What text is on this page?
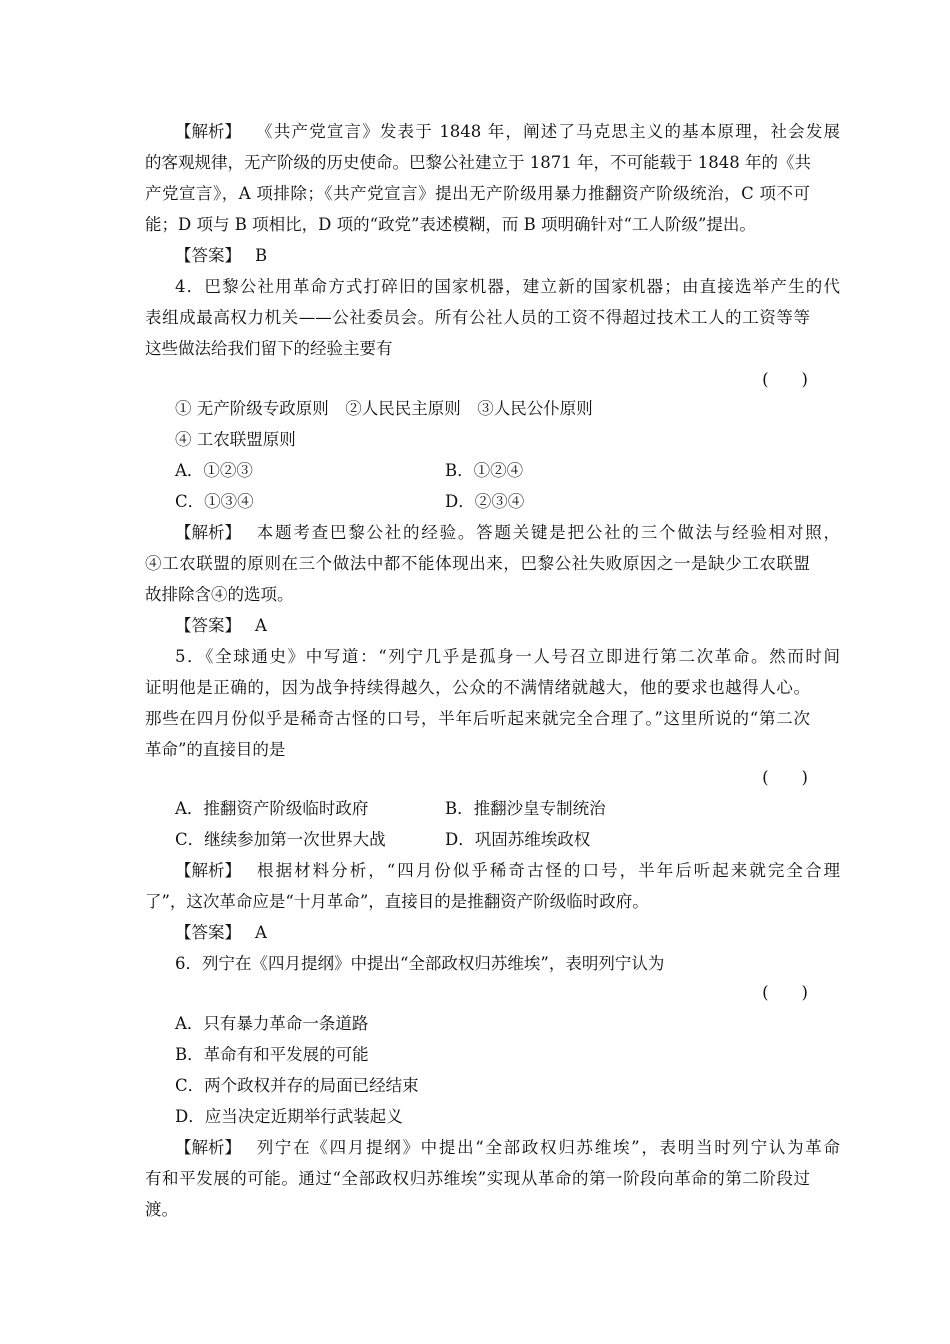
【解析】 《共产党宣言》发表于 1848 年，阐述了马克思主义的基本原理，社会发展
的客观规律，无产阶级的历史使命。巴黎公社建立于 1871 年，不可能载于 1848 年的《共
产党宣言》，A 项排除；《共产党宣言》提出无产阶级用暴力推翻资产阶级统治，C 项不可
能；D 项与 B 项相比，D 项的“政党”表述模糊，而 B 项明确针对“工人阶级”提出。
【答案】 B
4．巴黎公社用革命方式打碎旧的国家机器，建立新的国家机器；由直接选举产生的代
表组成最高权力机关——公社委员会。所有公社人员的工资不得超过技术工人的工资等等
这些做法给我们留下的经验主要有
(　　)
① 无产阶级专政原则　②人民民主原则　③人民公仆原则
④ 工农联盟原则
A．①②③	B．①②④
C．①③④	D．②③④
【解析】 本题考查巴黎公社的经验。答题关键是把公社的三个做法与经验相对照，
④工农联盟的原则在三个做法中都不能体现出来，巴黎公社失败原因之一是缺少工农联盟
故排除含④的选项。
【答案】 A
5．《全球通史》中写道：“列宁几乎是孤身一人号召立即进行第二次革命。然而时间
证明他是正确的，因为战争持续得越久，公众的不满情绪就越大，他的要求也越得人心。
那些在四月份似乎是稀奇古怪的口号，半年后听起来就完全合理了。”这里所说的“第二次
革命”的直接目的是
(　　)
A．推翻资产阶级临时政府	B．推翻沙皇专制统治
C．继续参加第一次世界大战	D．巩固苏维埃政权
【解析】 根据材料分析，“四月份似乎稀奇古怪的口号，半年后听起来就完全合理
了”，这次革命应是“十月革命”，直接目的是推翻资产阶级临时政府。
【答案】 A
6．列宁在《四月提纲》中提出“全部政权归苏维埃”，表明列宁认为
(　　)
A．只有暴力革命一条道路
B．革命有和平发展的可能
C．两个政权并存的局面已经结束
D．应当决定近期举行武装起义
【解析】 列宁在《四月提纲》中提出“全部政权归苏维埃”，表明当时列宁认为革命
有和平发展的可能。通过“全部政权归苏维埃”实现从革命的第一阶段向革命的第二阶段过
渡。
